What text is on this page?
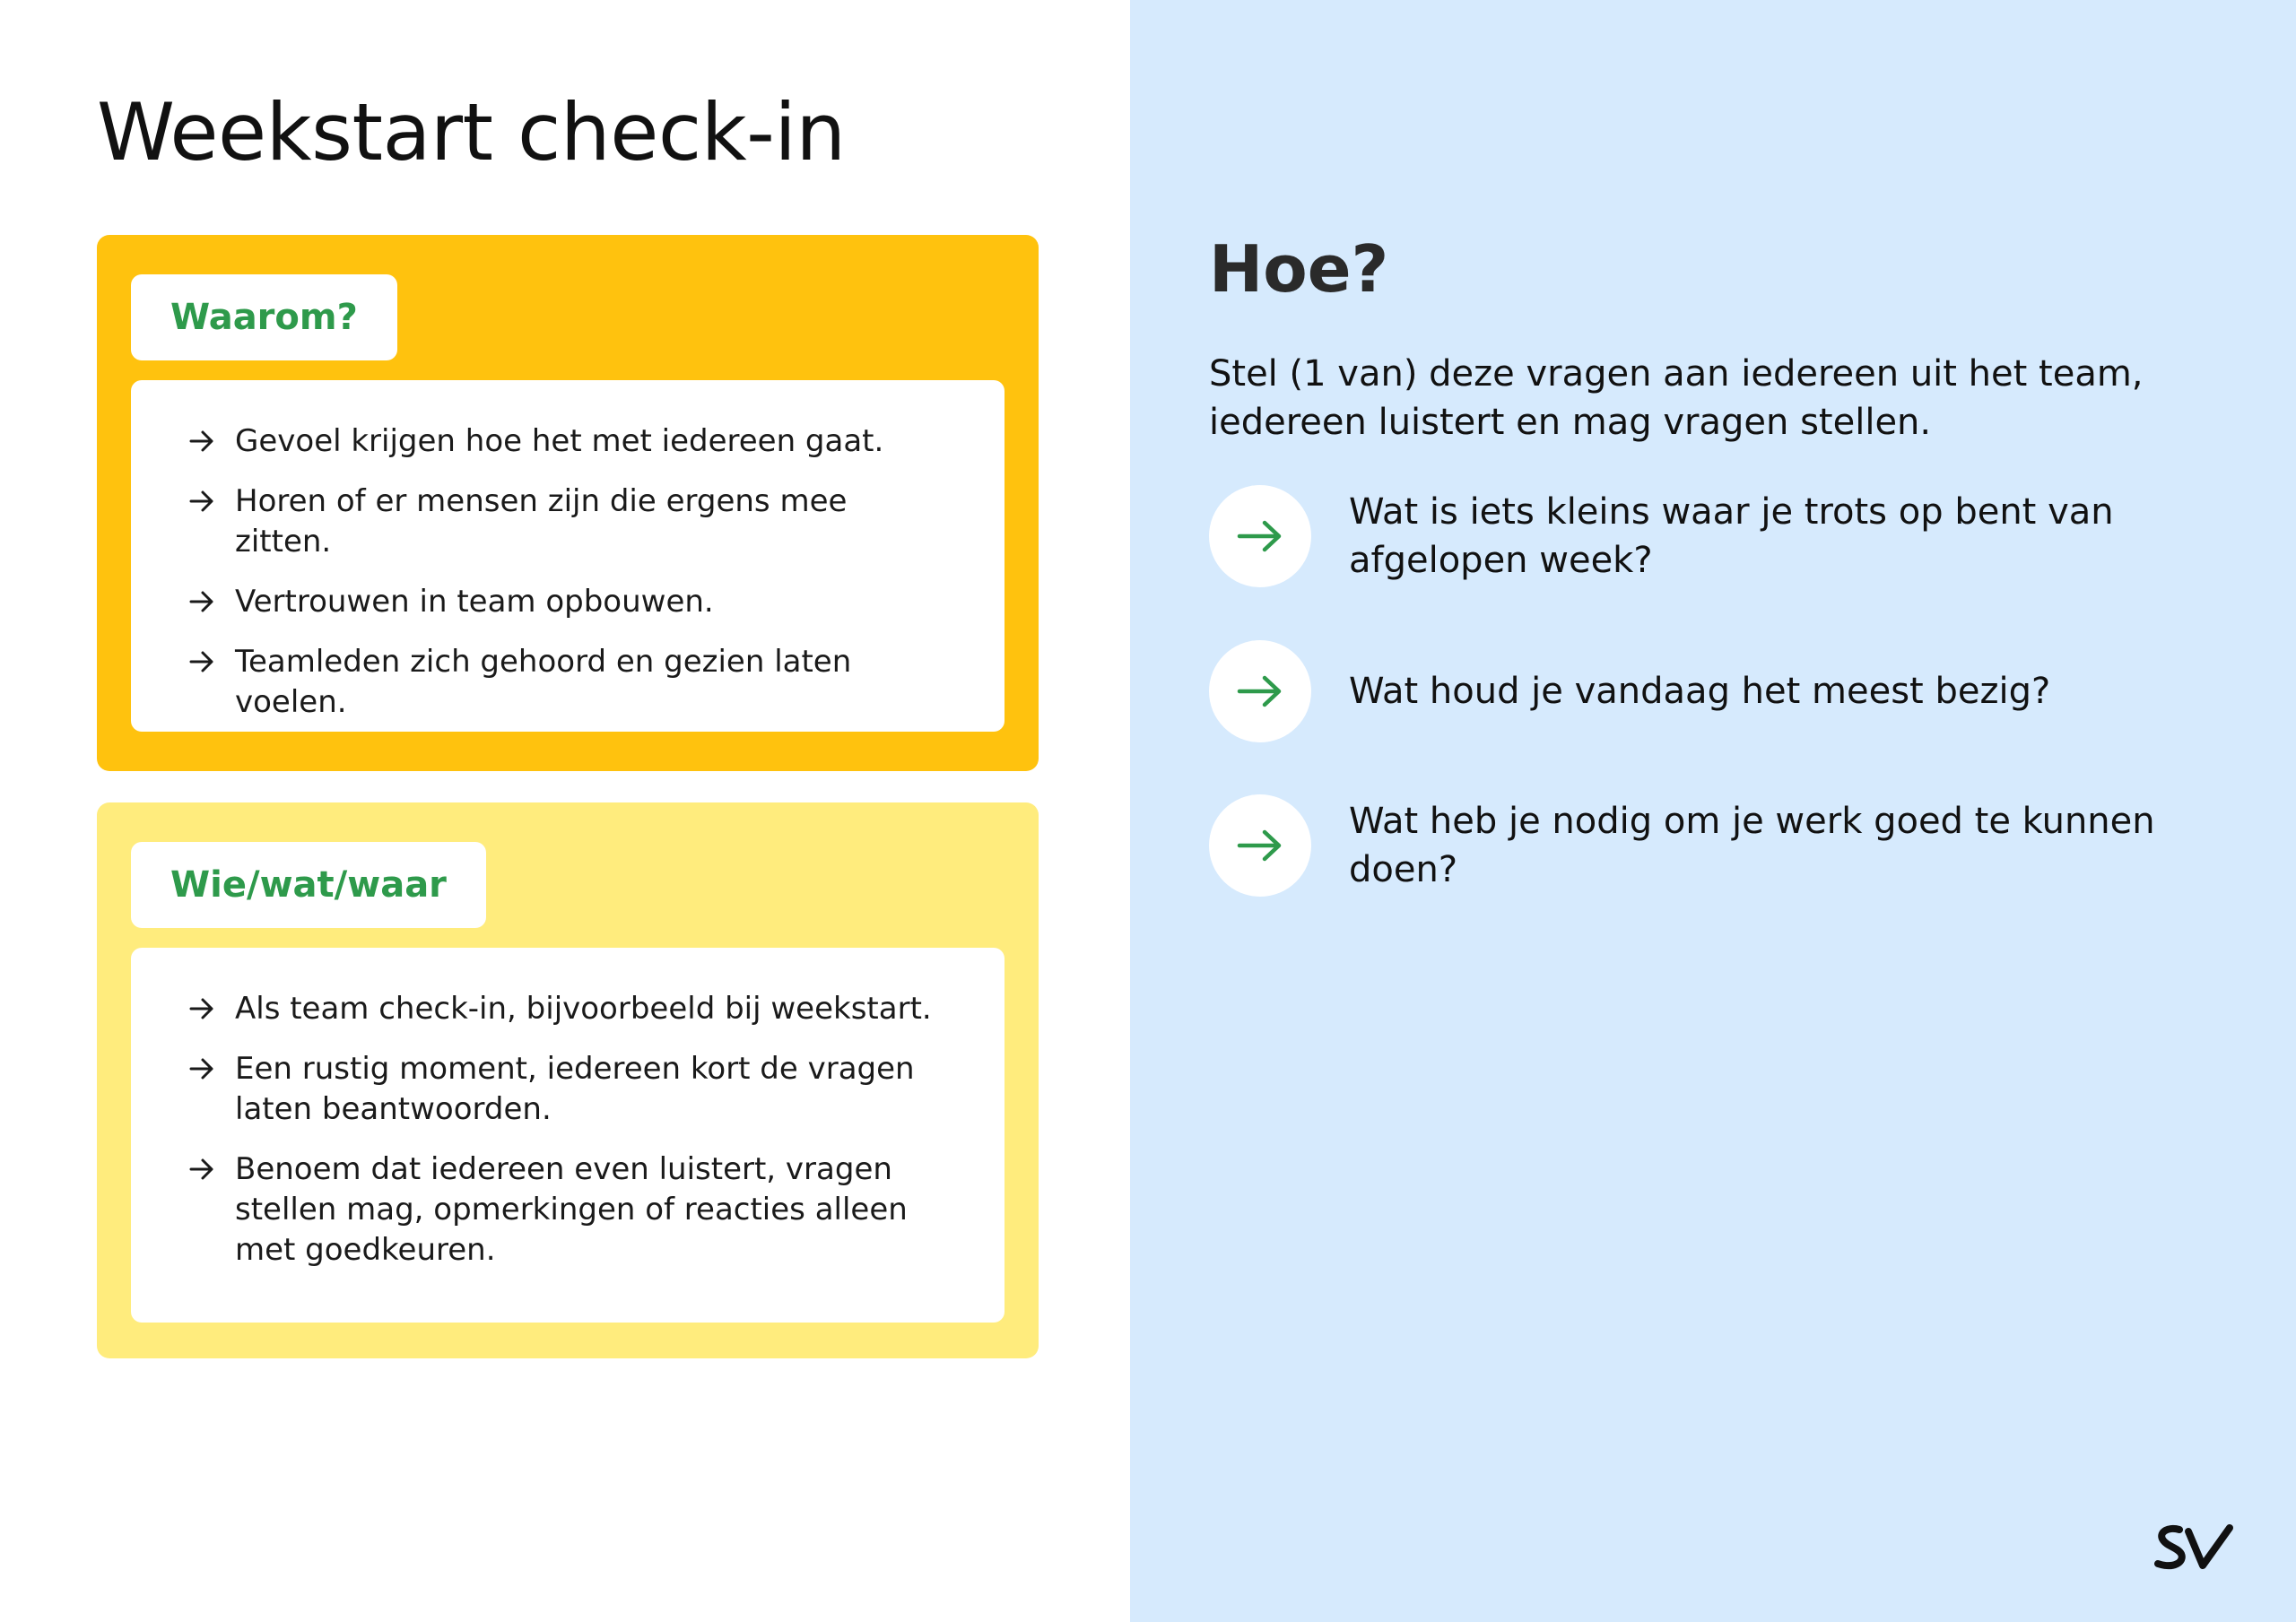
Weekstart check-in
Waarom?
Gevoel krijgen hoe het met iedereen gaat.
Horen of er mensen zijn die ergens mee zitten.
Vertrouwen in team opbouwen.
Teamleden zich gehoord en gezien laten voelen.
Wie/wat/waar
Als team check-in, bijvoorbeeld bij weekstart.
Een rustig moment, iedereen kort de vragen laten beantwoorden.
Benoem dat iedereen even luistert, vragen stellen mag, opmerkingen of reacties alleen met goedkeuren.
Hoe?

Stel (1 van) deze vragen aan iedereen uit het team, iedereen luistert en mag vragen stellen.

Wat is iets kleins waar je trots op bent van afgelopen week?
Wat houd je vandaag het meest bezig?
Wat heb je nodig om je werk goed te kunnen doen?
